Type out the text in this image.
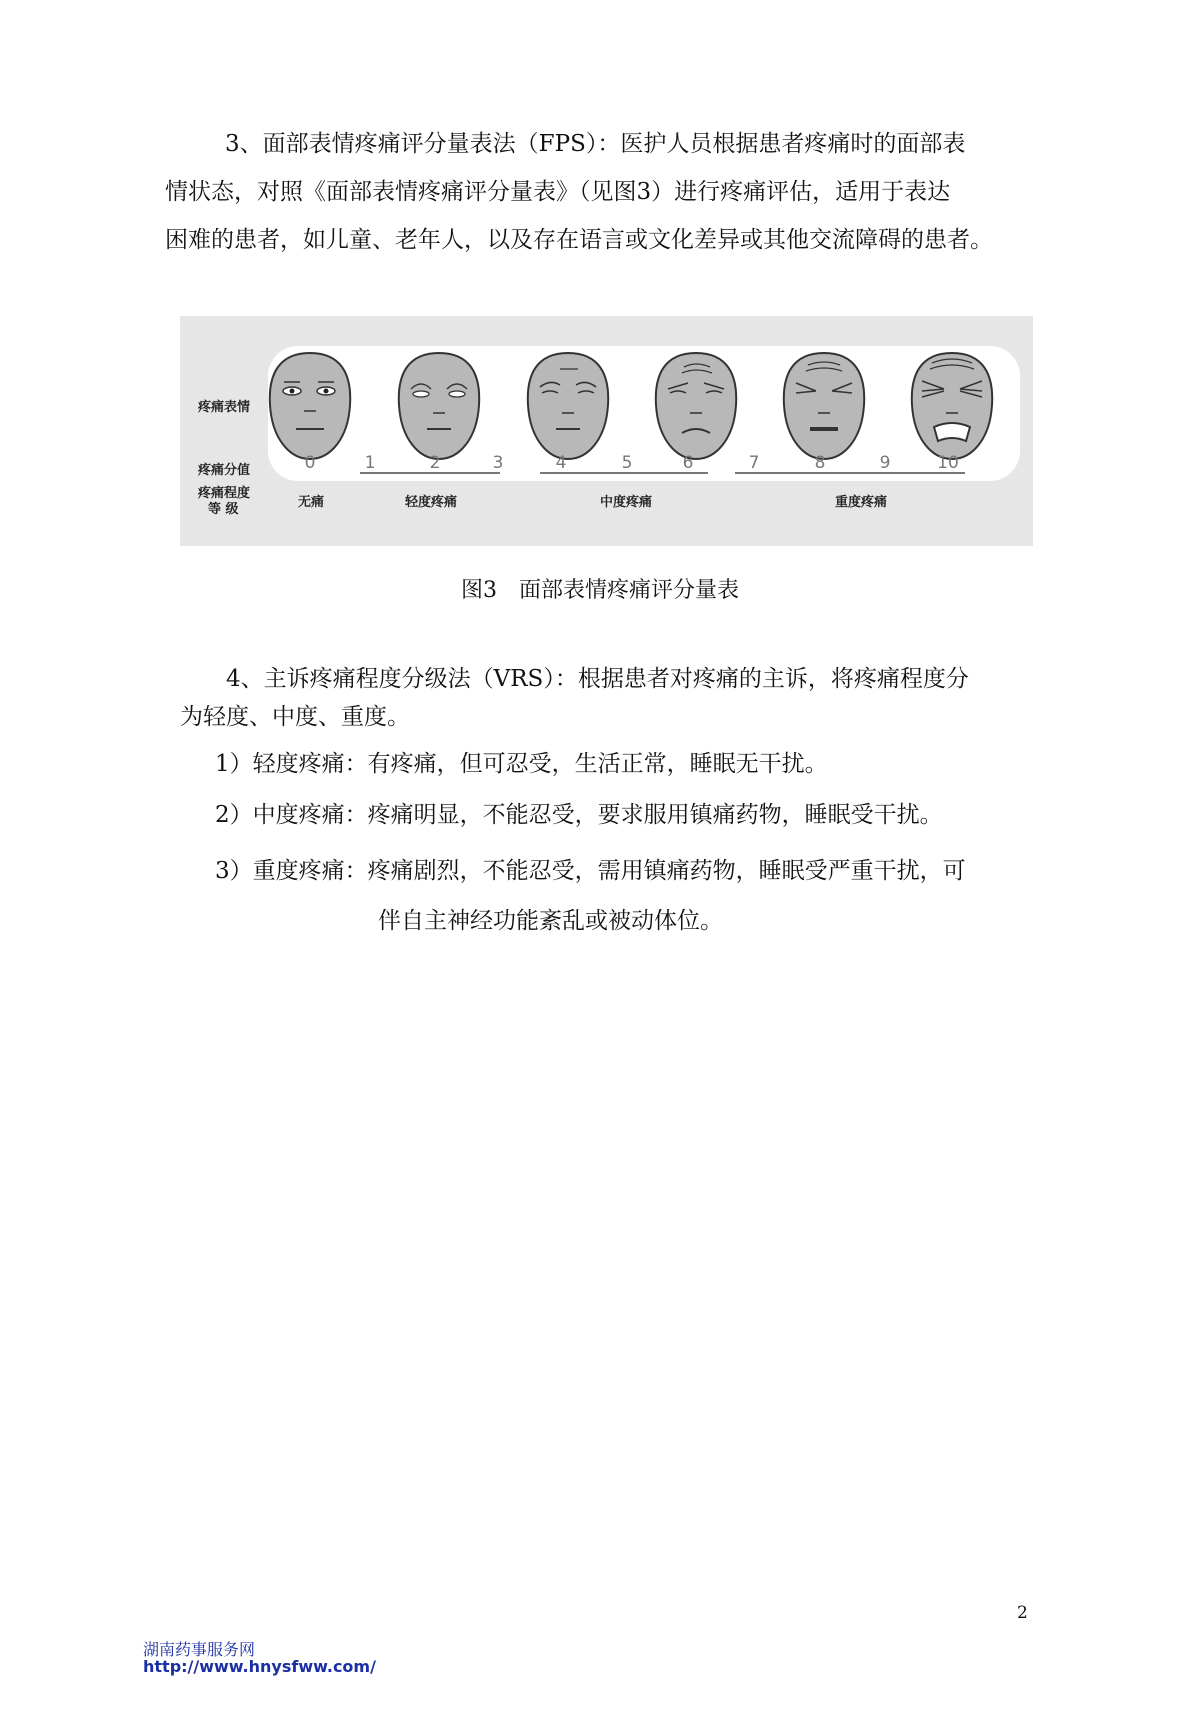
3、面部表情疼痛评分量表法（FPS）：医护人员根据患者疼痛时的面部表
情状态，对照《面部表情疼痛评分量表》（见图3）进行疼痛评估，适用于表达
困难的患者，如儿童、老年人，以及存在语言或文化差异或其他交流障碍的患者。
疼痛表情
疼痛分值
疼痛程度
等 级
0	1	2	3	4	5	6	7	8	9	10
无痛	轻度疼痛	中度疼痛	重度疼痛
图3　面部表情疼痛评分量表
4、主诉疼痛程度分级法（VRS）：根据患者对疼痛的主诉，将疼痛程度分
为轻度、中度、重度。
1）轻度疼痛：有疼痛，但可忍受，生活正常，睡眠无干扰。
2）中度疼痛：疼痛明显，不能忍受，要求服用镇痛药物，睡眠受干扰。
3）重度疼痛：疼痛剧烈，不能忍受，需用镇痛药物，睡眠受严重干扰，可
伴自主神经功能紊乱或被动体位。
2
湖南药事服务网
http://www.hnysfww.com/
